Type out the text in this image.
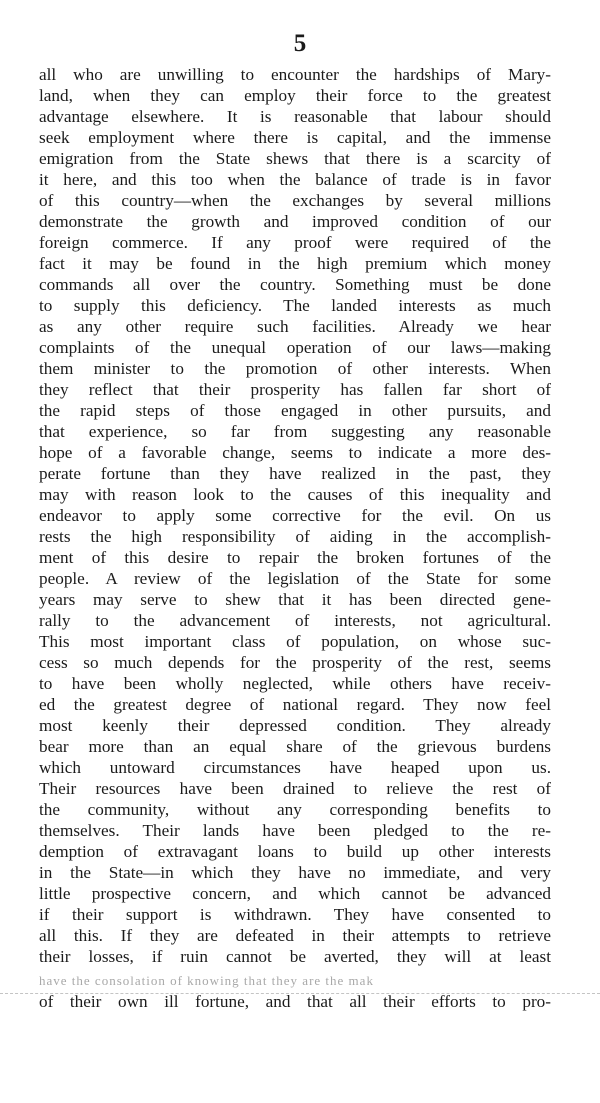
5
all who are unwilling to encounter the hardships of Mary-
land, when they can employ their force to the greatest
advantage elsewhere. It is reasonable that labour should
seek employment where there is capital, and the immense
emigration from the State shews that there is a scarcity of
it here, and this too when the balance of trade is in favor
of this country—when the exchanges by several millions
demonstrate the growth and improved condition of our
foreign commerce. If any proof were required of the
fact it may be found in the high premium which money
commands all over the country. Something must be done
to supply this deficiency. The landed interests as much
as any other require such facilities. Already we hear
complaints of the unequal operation of our laws—making
them minister to the promotion of other interests. When
they reflect that their prosperity has fallen far short of
the rapid steps of those engaged in other pursuits, and
that experience, so far from suggesting any reasonable
hope of a favorable change, seems to indicate a more des-
perate fortune than they have realized in the past, they
may with reason look to the causes of this inequality and
endeavor to apply some corrective for the evil. On us
rests the high responsibility of aiding in the accomplish-
ment of this desire to repair the broken fortunes of the
people. A review of the legislation of the State for some
years may serve to shew that it has been directed gene-
rally to the advancement of interests, not agricultural.
This most important class of population, on whose suc-
cess so much depends for the prosperity of the rest, seems
to have been wholly neglected, while others have receiv-
ed the greatest degree of national regard. They now feel
most keenly their depressed condition. They already
bear more than an equal share of the grievous burdens
which untoward circumstances have heaped upon us.
Their resources have been drained to relieve the rest of
the community, without any corresponding benefits to
themselves. Their lands have been pledged to the re-
demption of extravagant loans to build up other interests
in the State—in which they have no immediate, and very
little prospective concern, and which cannot be advanced
if their support is withdrawn. They have consented to
all this. If they are defeated in their attempts to retrieve
their losses, if ruin cannot be averted, they will at least
have the consolation of knowing that they are the mak
of their own ill fortune, and that all their efforts to pro-
